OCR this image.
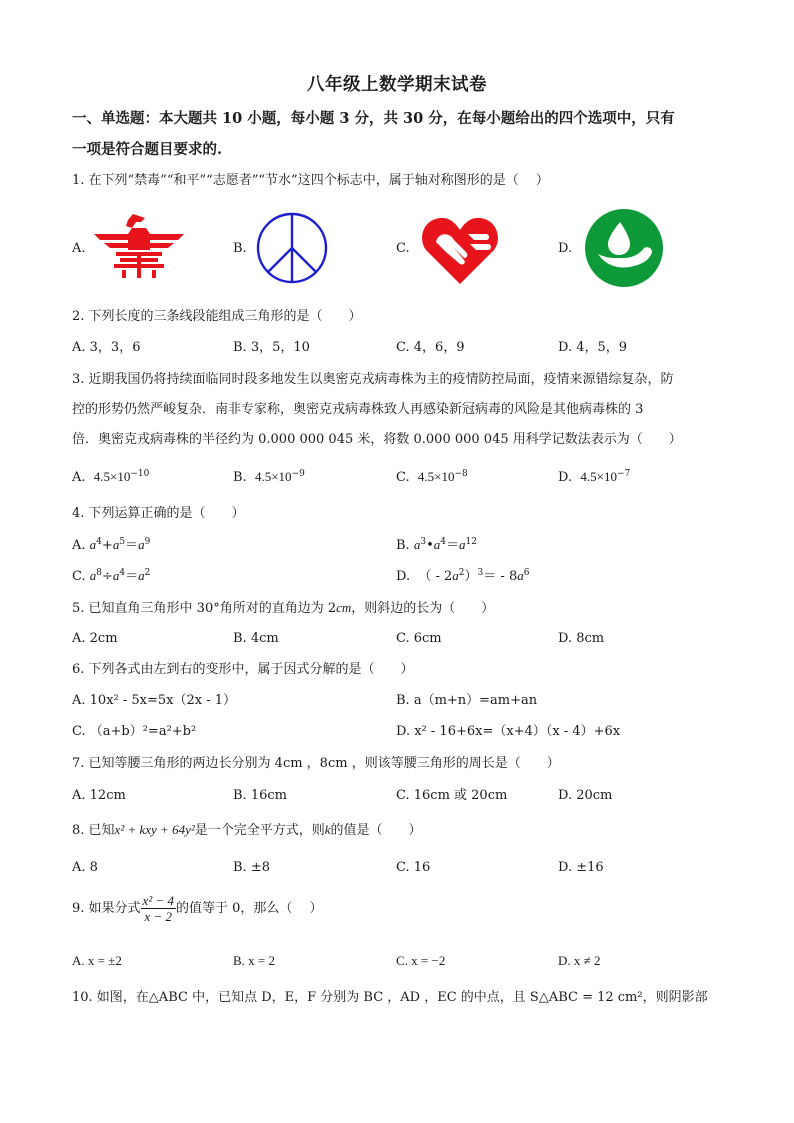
八年级上数学期末试卷
一、单选题：本大题共 10 小题，每小题 3 分，共 30 分，在每小题给出的四个选项中，只有
一项是符合题目要求的.
1. 在下列“禁毒”“和平”“志愿者”“节水”这四个标志中，属于轴对称图形的是（　 ）
A.	B.	C.	D.
2. 下列长度的三条线段能组成三角形的是（　　）
A. 3，3，6	B. 3，5，10	C. 4，6，9	D. 4，5，9
3. 近期我国仍将持续面临同时段多地发生以奥密克戎病毒株为主的疫情防控局面，疫情来源错综复杂，防
控的形势仍然严峻复杂．南非专家称，奥密克戎病毒株致人再感染新冠病毒的风险是其他病毒株的 3
倍．奥密克戎病毒株的半径约为 0.000 000 045 米，将数 0.000 000 045 用科学记数法表示为（　　）
A. $4.5\times 10^{-10}$	B. $4.5\times 10^{-9}$	C. $4.5\times 10^{-8}$	D. $4.5\times 10^{-7}$
4. 下列运算正确的是（　　）
A. $a^4+a^5=a^9$	B. $a^3•a^4=a^{12}$
C. $a^8\div a^4=a^2$	D. （ - $2a^2)^3= - 8a^6$
5. 已知直角三角形中 30°角所对的直角边为 2cm，则斜边的长为（　　）
A. 2cm	B. 4cm	C. 6cm	D. 8cm
6. 下列各式由左到右的变形中，属于因式分解的是（　　）
A. 10x² - 5x=5x（2x - 1）	B. a（m+n）=am+an
C. （a+b）²=a²+b²	D. x² - 16+6x=（x+4）（x - 4）+6x
7. 已知等腰三角形的两边长分别为 4cm ，8cm ，则该等腰三角形的周长是（　　）
A. 12cm	B. 16cm	C. 16cm 或 20cm	D. 20cm
8. 已知x² + kxy + 64y²是一个完全平方式，则k的值是（　　）
A. 8	B. ±8	C. 16	D. ±16
9. 如果分式 $\frac{\text{x² − 4}}{x - 2}$ 的值等于 0，那么（　 ）
A. x = ±2	B. x = 2	C. x = −2	D. x ≠ 2
10. 如图，在△ABC 中，已知点 D，E，F 分别为 BC ，AD ，EC 的中点，且 S△ABC = 12 cm²，则阴影部
